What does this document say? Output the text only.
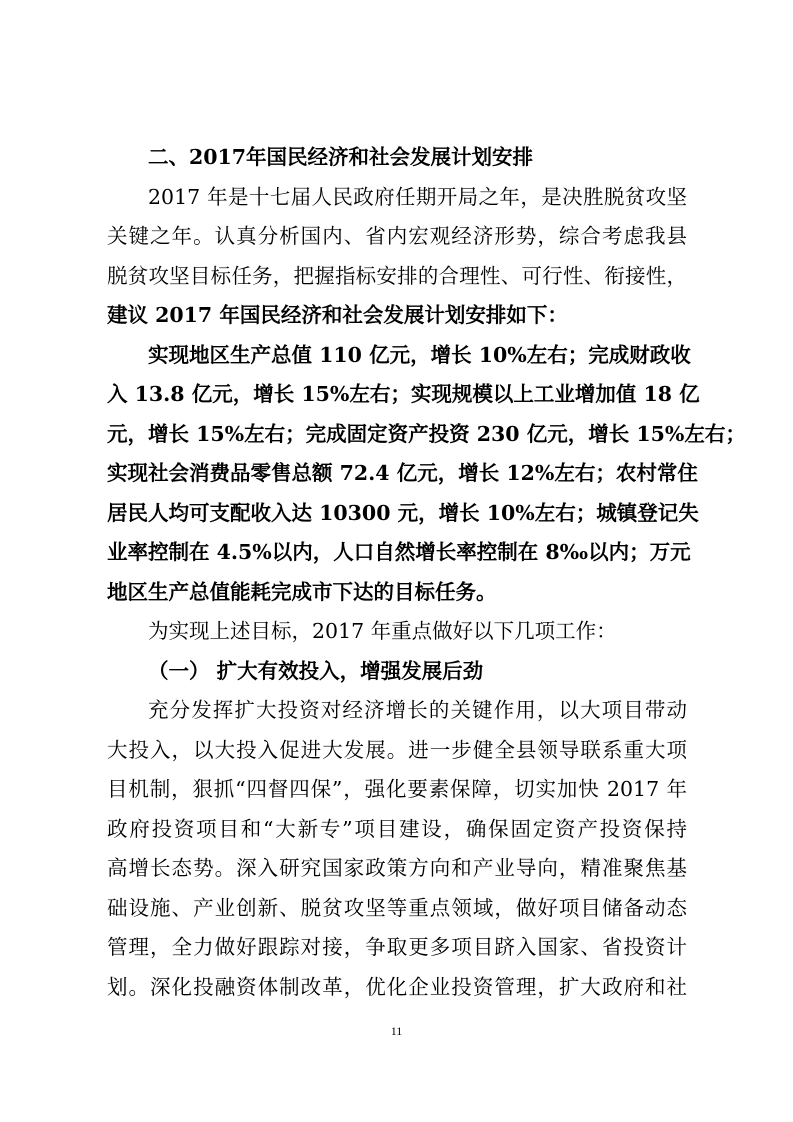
二、2017年国民经济和社会发展计划安排
2017 年是十七届人民政府任期开局之年，是决胜脱贫攻坚
关键之年。认真分析国内、省内宏观经济形势，综合考虑我县
脱贫攻坚目标任务，把握指标安排的合理性、可行性、衔接性，
建议 2017 年国民经济和社会发展计划安排如下：
实现地区生产总值 110 亿元，增长 10%左右；完成财政收
入 13.8 亿元，增长 15%左右；实现规模以上工业增加值 18 亿
元，增长 15%左右；完成固定资产投资 230 亿元，增长 15%左右；
实现社会消费品零售总额 72.4 亿元，增长 12%左右；农村常住
居民人均可支配收入达 10300 元，增长 10%左右；城镇登记失
业率控制在 4.5%以内，人口自然增长率控制在 8‰以内；万元
地区生产总值能耗完成市下达的目标任务。
为实现上述目标，2017 年重点做好以下几项工作：
（一） 扩大有效投入，增强发展后劲
充分发挥扩大投资对经济增长的关键作用，以大项目带动
大投入，以大投入促进大发展。进一步健全县领导联系重大项
目机制，狠抓“四督四保”，强化要素保障，切实加快 2017 年
政府投资项目和“大新专”项目建设，确保固定资产投资保持
高增长态势。深入研究国家政策方向和产业导向，精准聚焦基
础设施、产业创新、脱贫攻坚等重点领域，做好项目储备动态
管理，全力做好跟踪对接，争取更多项目跻入国家、省投资计
划。深化投融资体制改革，优化企业投资管理，扩大政府和社
11
